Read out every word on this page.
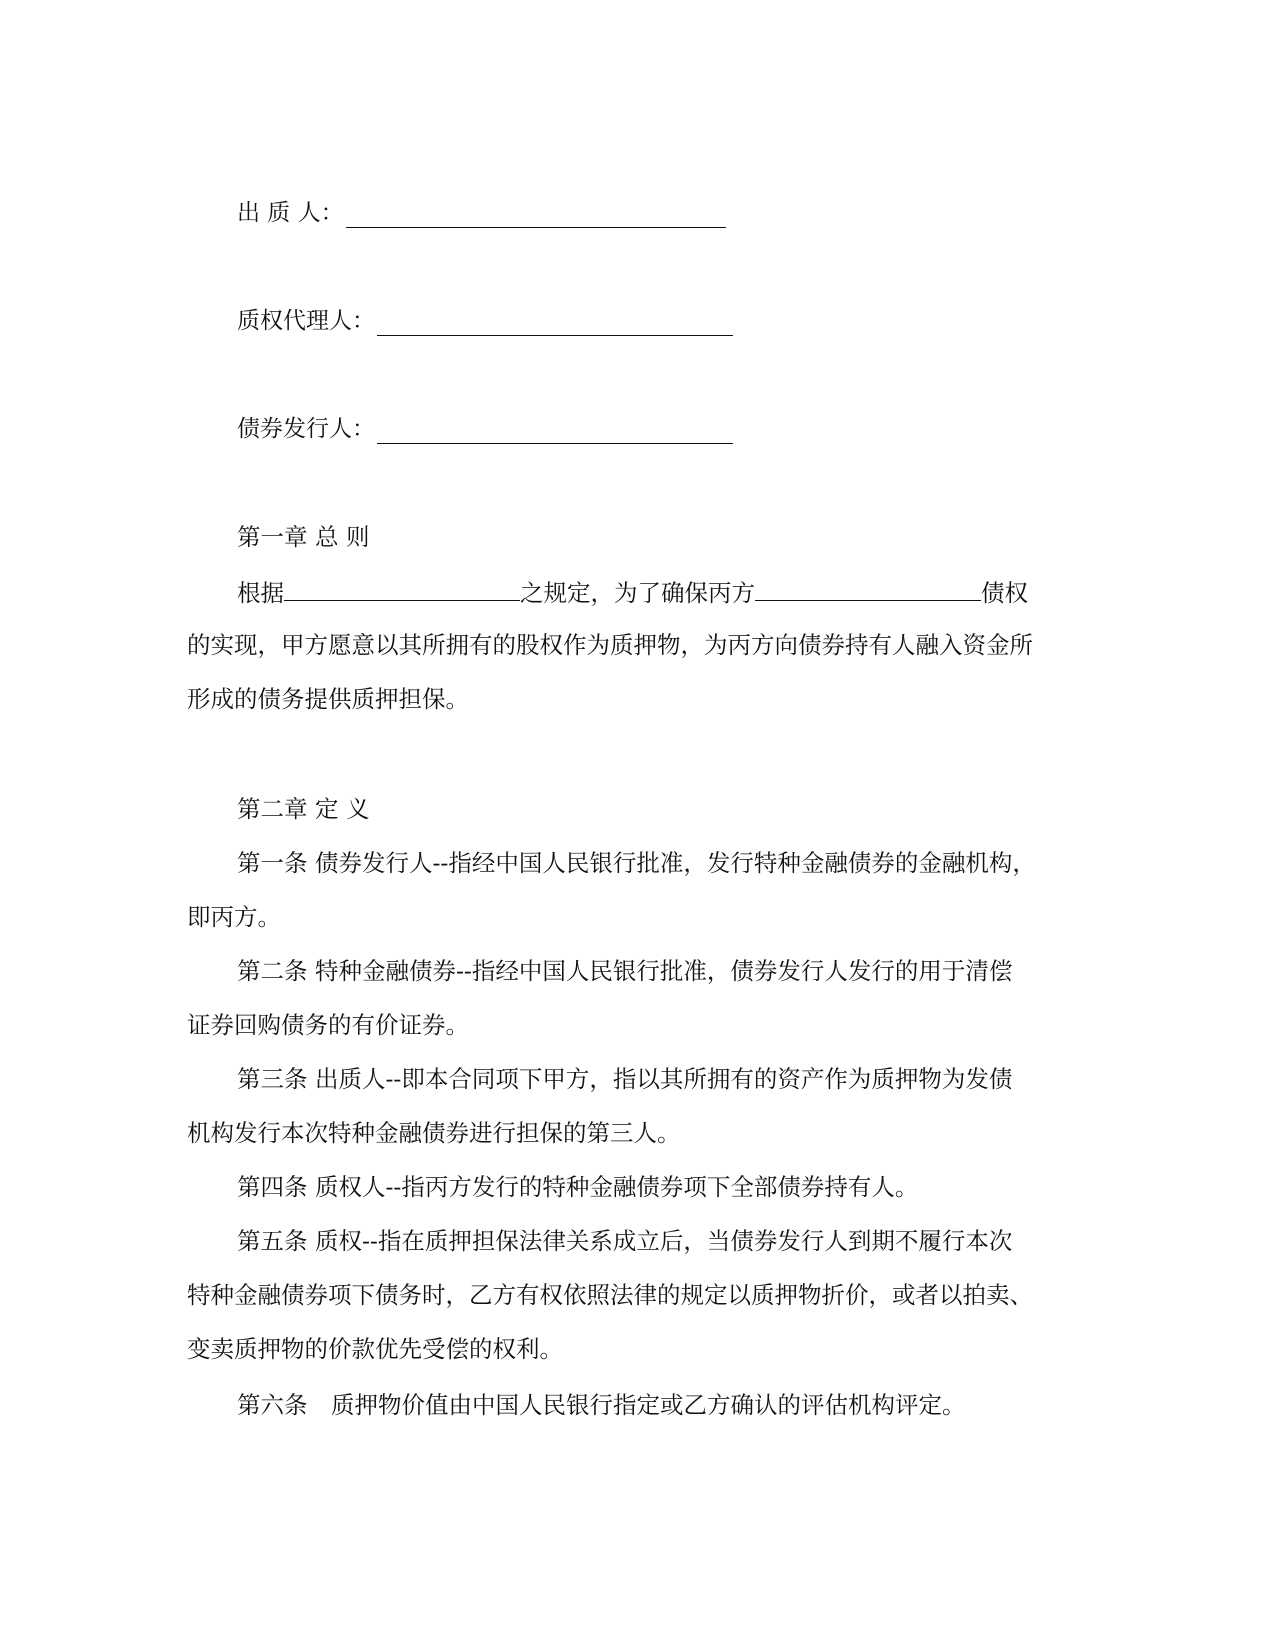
出 质 人：
质权代理人：
债券发行人：
第一章 总 则
根据	之规定，为了确保丙方	债权
的实现，甲方愿意以其所拥有的股权作为质押物，为丙方向债券持有人融入资金所
形成的债务提供质押担保。
第二章 定 义
第一条 债券发行人--指经中国人民银行批准，发行特种金融债券的金融机构，
即丙方。
第二条 特种金融债券--指经中国人民银行批准，债券发行人发行的用于清偿
证券回购债务的有价证券。
第三条 出质人--即本合同项下甲方，指以其所拥有的资产作为质押物为发债
机构发行本次特种金融债券进行担保的第三人。
第四条 质权人--指丙方发行的特种金融债券项下全部债券持有人。
第五条 质权--指在质押担保法律关系成立后，当债券发行人到期不履行本次
特种金融债券项下债务时，乙方有权依照法律的规定以质押物折价，或者以拍卖、
变卖质押物的价款优先受偿的权利。
第六条　质押物价值由中国人民银行指定或乙方确认的评估机构评定。
